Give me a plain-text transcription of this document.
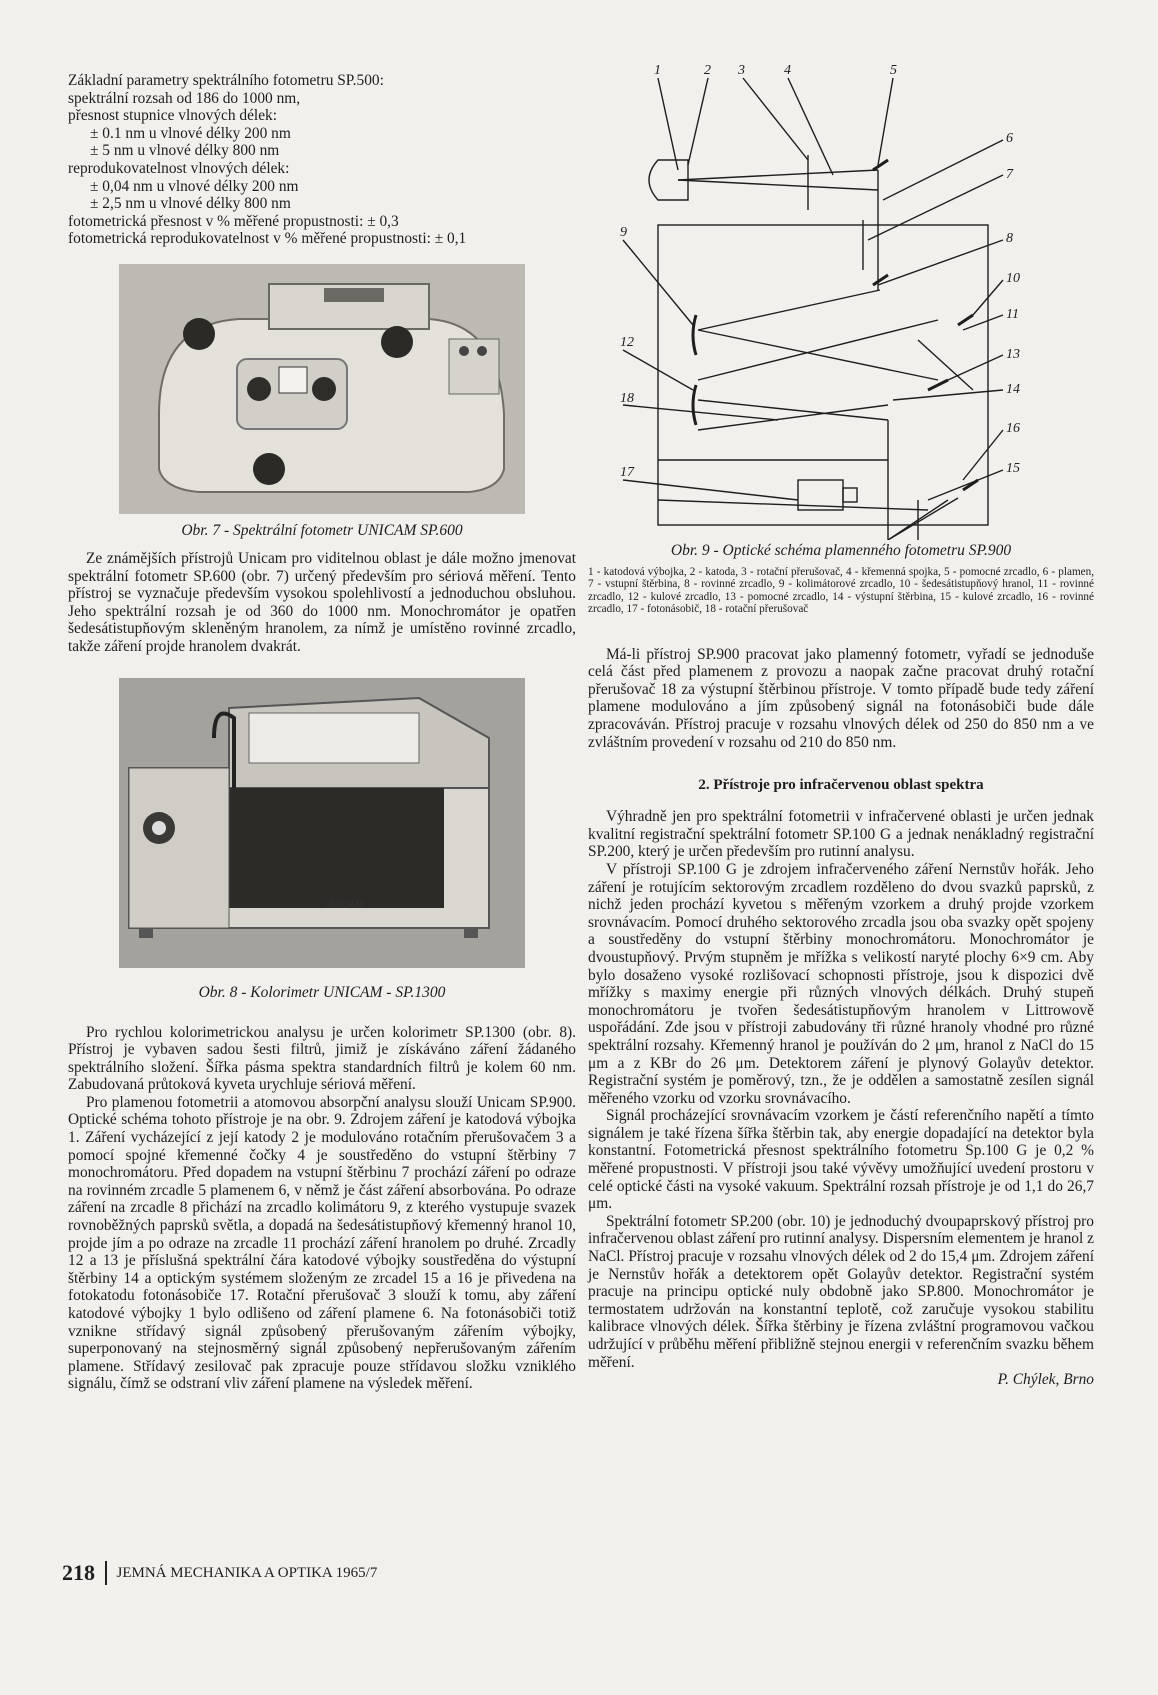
Základní parametry spektrálního fotometru SP.500:

spektrální rozsah od 186 do 1000 nm,

přesnost stupnice vlnových délek:

± 0.1 nm u vlnové délky 200 nm

± 5 nm u vlnové délky 800 nm

reprodukovatelnost vlnových délek:

± 0,04 nm u vlnové délky 200 nm

± 2,5 nm u vlnové délky 800 nm

fotometrická přesnost v % měřené propustnosti: ± 0,3

fotometrická reprodukovatelnost v % měřené propustnosti: ± 0,1

Obr. 7 - Spektrální fotometr UNICAM SP.600

Ze známějších přístrojů Unicam pro viditelnou oblast je dále možno jmenovat spektrální fotometr SP.600 (obr. 7) určený především pro sériová měření. Tento přístroj se vyznačuje především vysokou spolehlivostí a jednoduchou obsluhou. Jeho spektrální rozsah je od 360 do 1000 nm. Monochromátor je opatřen šedesátistupňovým skleněným hranolem, za nímž je umístěno rovinné zrcadlo, takže záření projde hranolem dvakrát.

UNICAM
Obr. 8 - Kolorimetr UNICAM - SP.1300

Pro rychlou kolorimetrickou analysu je určen kolorimetr SP.1300 (obr. 8). Přístroj je vybaven sadou šesti filtrů, jimiž je získáváno záření žádaného spektrálního složení. Šířka pásma spektra standardních filtrů je kolem 60 nm. Zabudovaná průtoková kyveta urychluje sériová měření.

Pro plamenou fotometrii a atomovou absorpční analysu slouží Unicam SP.900. Optické schéma tohoto přístroje je na obr. 9. Zdrojem záření je katodová výbojka 1. Záření vycházející z její katody 2 je modulováno rotačním přerušovačem 3 a pomocí spojné křemenné čočky 4 je soustředěno do vstupní štěrbiny 7 monochromátoru. Před dopadem na vstupní štěrbinu 7 prochází záření po odraze na rovinném zrcadle 5 plamenem 6, v němž je část záření absorbována. Po odraze záření na zrcadle 8 přichází na zrcadlo kolimátoru 9, z kterého vystupuje svazek rovnoběžných paprsků světla, a dopadá na šedesátistupňový křemenný hranol 10, projde jím a po odraze na zrcadle 11 prochází záření hranolem po druhé. Zrcadly 12 a 13 je příslušná spektrální čára katodové výbojky soustředěna do výstupní štěrbiny 14 a optickým systémem složeným ze zrcadel 15 a 16 je přivedena na fotokatodu fotonásobiče 17. Rotační přerušovač 3 slouží k tomu, aby záření katodové výbojky 1 bylo odlišeno od záření plamene 6. Na fotonásobiči totiž vznikne střídavý signál způsobený přerušovaným zářením výbojky, superponovaný na stejnosměrný signál způsobený nepřerušovaným zářením plamene. Střídavý zesilovač pak zpracuje pouze střídavou složku vzniklého signálu, čímž se odstraní vliv záření plamene na výsledek měření.

1	2 3	4	5
6
7
8
9
10
11
12
13
14
15
16
17
18
Obr. 9 - Optické schéma plamenného fotometru SP.900
1 - katodová výbojka, 2 - katoda, 3 - rotační přerušovač, 4 - křemenná spojka, 5 - pomocné zrcadlo, 6 - plamen, 7 - vstupní štěrbina, 8 - rovinné zrcadlo, 9 - kolimátorové zrcadlo, 10 - šedesátistupňový hranol, 11 - rovinné zrcadlo, 12 - kulové zrcadlo, 13 - pomocné zrcadlo, 14 - výstupní štěrbina, 15 - kulové zrcadlo, 16 - rovinné zrcadlo, 17 - fotonásobič, 18 - rotační přerušovač

Má-li přístroj SP.900 pracovat jako plamenný fotometr, vyřadí se jednoduše celá část před plamenem z provozu a naopak začne pracovat druhý rotační přerušovač 18 za výstupní štěrbinou přístroje. V tomto případě bude tedy záření plamene modulováno a jím způsobený signál na fotonásobiči bude dále zpracováván. Přístroj pracuje v rozsahu vlnových délek od 250 do 850 nm a ve zvláštním provedení v rozsahu od 210 do 850 nm.

2. Přístroje pro infračervenou oblast spektra

Výhradně jen pro spektrální fotometrii v infračervené oblasti je určen jednak kvalitní registrační spektrální fotometr SP.100 G a jednak nenákladný registrační SP.200, který je určen především pro rutinní analysu.

V přístroji SP.100 G je zdrojem infračerveného záření Nernstův hořák. Jeho záření je rotujícím sektorovým zrcadlem rozděleno do dvou svazků paprsků, z nichž jeden prochází kyvetou s měřeným vzorkem a druhý projde vzorkem srovnávacím. Pomocí druhého sektorového zrcadla jsou oba svazky opět spojeny a soustředěny do vstupní štěrbiny monochromátoru. Monochromátor je dvoustupňový. Prvým stupněm je mřížka s velikostí naryté plochy 6×9 cm. Aby bylo dosaženo vysoké rozlišovací schopnosti přístroje, jsou k dispozici dvě mřížky s maximy energie při různých vlnových délkách. Druhý stupeň monochromátoru je tvořen šedesátistupňovým hranolem v Littrowově uspořádání. Zde jsou v přístroji zabudovány tři různé hranoly vhodné pro různé spektrální rozsahy. Křemenný hranol je používán do 2 μm, hranol z NaCl do 15 μm a z KBr do 26 μm. Detektorem záření je plynový Golayův detektor. Registrační systém je poměrový, tzn., že je oddělen a samostatně zesílen signál měřeného vzorku od vzorku srovnávacího.

Signál procházející srovnávacím vzorkem je částí referenčního napětí a tímto signálem je také řízena šířka štěrbin tak, aby energie dopadající na detektor byla konstantní. Fotometrická přesnost spektrálního fotometru Sp.100 G je 0,2 % měřené propustnosti. V přístroji jsou také vývěvy umožňující uvedení prostoru v celé optické části na vysoké vakuum. Spektrální rozsah přístroje je od 1,1 do 26,7 μm.

Spektrální fotometr SP.200 (obr. 10) je jednoduchý dvoupaprskový přístroj pro infračervenou oblast záření pro rutinní analysy. Dispersním elementem je hranol z NaCl. Přístroj pracuje v rozsahu vlnových délek od 2 do 15,4 μm. Zdrojem záření je Nernstův hořák a detektorem opět Golayův detektor. Registrační systém pracuje na principu optické nuly obdobně jako SP.800. Monochromátor je termostatem udržován na konstantní teplotě, což zaručuje vysokou stabilitu kalibrace vlnových délek. Šířka štěrbiny je řízena zvláštní programovou vačkou udržující v průběhu měření přibližně stejnou energii v referenčním svazku během měření.

P. Chýlek, Brno

218 JEMNÁ MECHANIKA A OPTIKA 1965/7
